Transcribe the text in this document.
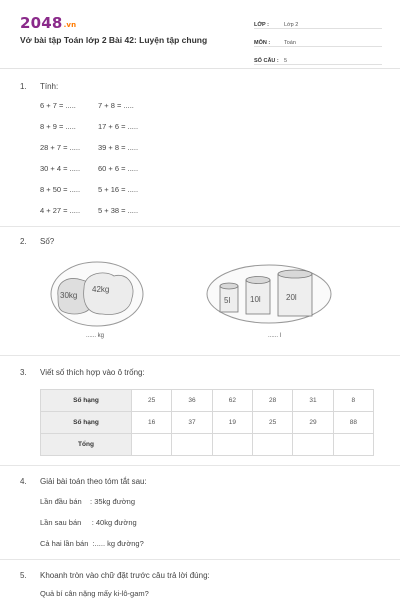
2048.vn
Vở bài tập Toán lớp 2 Bài 42: Luyện tập chung
LỚP :	Lớp 2
MÔN :	Toán
SỐ CÂU : 5
1. Tính:
6 + 7 = .....	7 + 8 = .....
8 + 9 = .....	17 + 6 = .....
28 + 7 = ..... 39 + 8 = .....
30 + 4 = ..... 60 + 6 = .....
8 + 50 = ..... 5 + 16 = .....
4 + 27 = ..... 5 + 38 = .....
2. Số?
30kg
42kg
...... kg
5l 10l	20l
...... l
3. Viết số thích hợp vào ô trống:
Số hạng	25	36	62	28	31	8
Số hạng	16	37	19	25	29	88
Tổng						
4. Giải bài toán theo tóm tắt sau:
Lần đầu bán    : 35kg đường
Lần sau bán     : 40kg đường
Cả hai lần bán  :..... kg đường?
5. Khoanh tròn vào chữ đặt trước câu trả lời đúng:
Quả bí cân nặng mấy ki-lô-gam?
